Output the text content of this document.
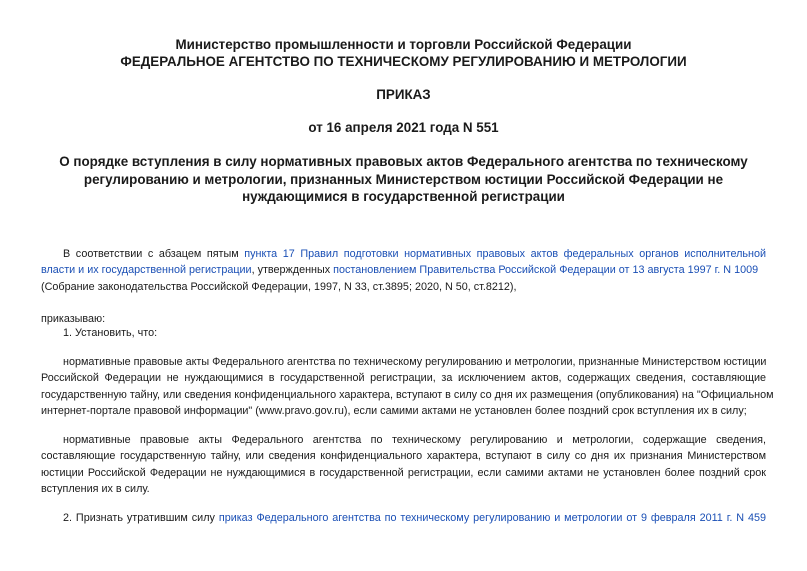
Министерство промышленности и торговли Российской Федерации
ФЕДЕРАЛЬНОЕ АГЕНТСТВО ПО ТЕХНИЧЕСКОМУ РЕГУЛИРОВАНИЮ И МЕТРОЛОГИИ
ПРИКАЗ
от 16 апреля 2021 года N 551
О порядке вступления в силу нормативных правовых актов Федерального агентства по техническому
регулированию и метрологии, признанных Министерством юстиции Российской Федерации не
нуждающимися в государственной регистрации
В соответствии с абзацем пятым пункта 17 Правил подготовки нормативных правовых актов федеральных органов исполнительной
власти и их государственной регистрации, утвержденных постановлением Правительства Российской Федерации от 13 августа 1997 г. N 1009
(Собрание законодательства Российской Федерации, 1997, N 33, ст.3895; 2020, N 50, ст.8212),
приказываю:
1. Установить, что:
нормативные правовые акты Федерального агентства по техническому регулированию и метрологии, признанные Министерством юстиции
Российской Федерации не нуждающимися в государственной регистрации, за исключением актов, содержащих сведения, составляющие
государственную тайну, или сведения конфиденциального характера, вступают в силу со дня их размещения (опубликования) на "Официальном
интернет-портале правовой информации" (www.pravo.gov.ru), если самими актами не установлен более поздний срок вступления их в силу;
нормативные правовые акты Федерального агентства по техническому регулированию и метрологии, содержащие сведения,
составляющие государственную тайну, или сведения конфиденциального характера, вступают в силу со дня их признания Министерством
юстиции Российской Федерации не нуждающимися в государственной регистрации, если самими актами не установлен более поздний срок
вступления их в силу.
2. Признать утратившим силу приказ Федерального агентства по техническому регулированию и метрологии от 9 февраля 2011 г. N 459
